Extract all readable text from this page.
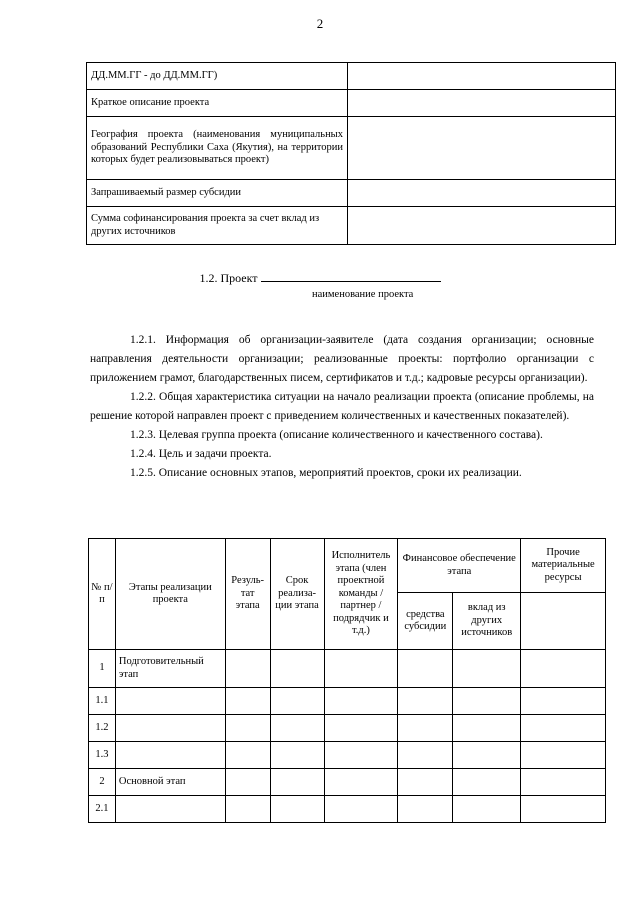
2
ДД.ММ.ГГ - до ДД.ММ.ГГ)	
Краткое описание проекта	
География проекта (наименования муниципальных образований Республики Саха (Якутия), на территории которых будет реализовываться проект)	
Запрашиваемый размер субсидии	
Сумма софинансирования проекта за счет вклад из других источников	
1.2. Проект
наименование проекта

1.2.1. Информация об организации-заявителе (дата создания организации; основные направления деятельности организации; реализованные проекты: портфолио организации с приложением грамот, благодарственных писем, сертификатов и т.д.; кадровые ресурсы организации).

1.2.2. Общая характеристика ситуации на начало реализации проекта (описание проблемы, на решение которой направлен проект с приведением количественных и качественных показателей).

1.2.3. Целевая группа проекта (описание количественного и качественного состава).

1.2.4. Цель и задачи проекта.

1.2.5. Описание основных этапов, мероприятий проектов, сроки их реализации.

№ п/п	Этапы реализации проекта	Резуль-тат этапа	Срок реализа-ции этапа	Исполнитель этапа (член проектной команды / партнер / подрядчик и т.д.)	Финансовое обеспечение этапа		Прочие материальные ресурсы
					средства субсидии	вклад из других источников	
1	Подготовительный этап						
1.1							
1.2							
1.3							
2	Основной этап						
2.1							
